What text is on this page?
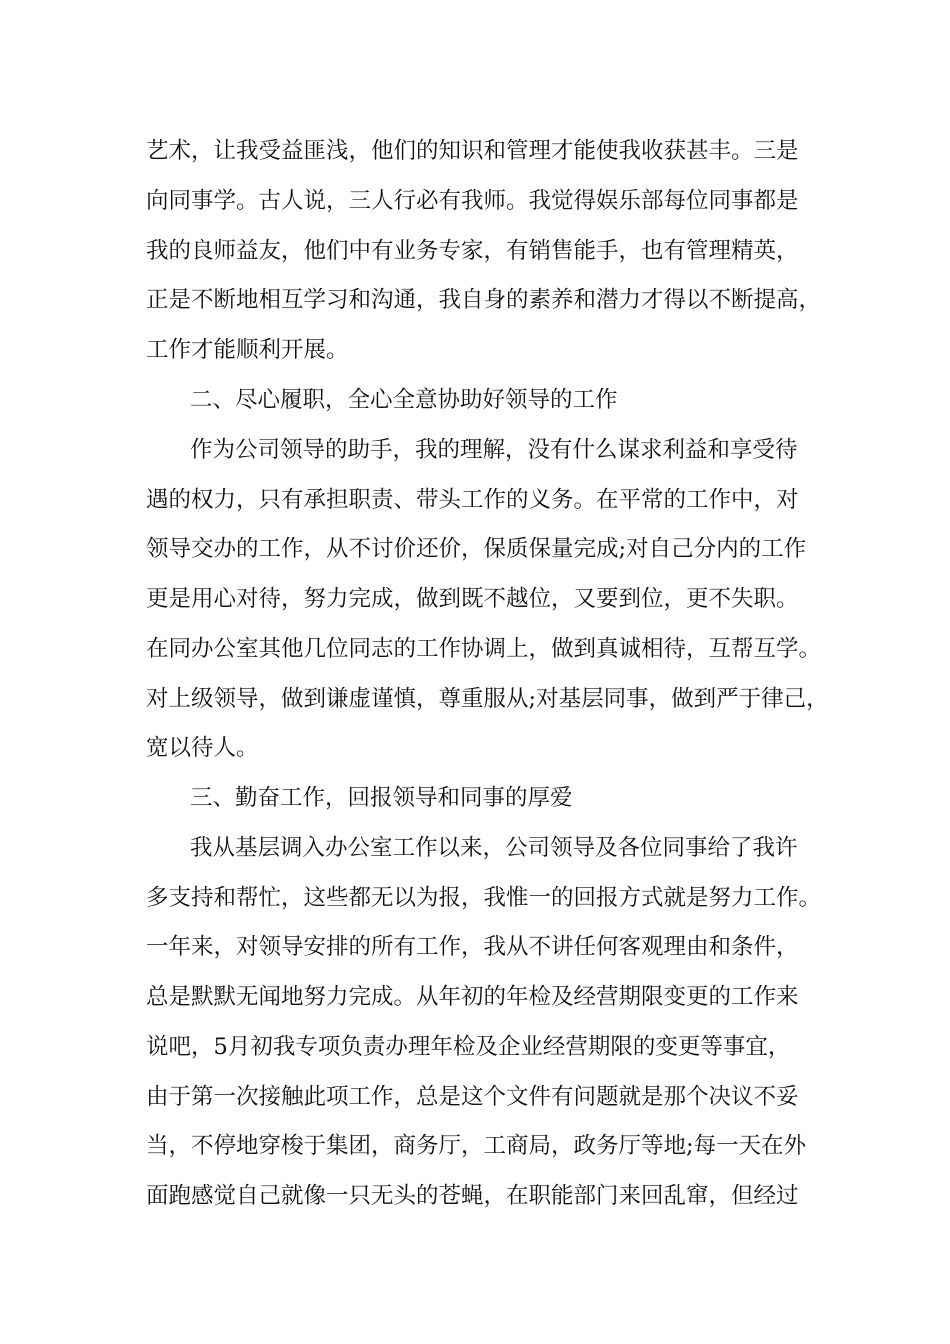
艺术，让我受益匪浅，他们的知识和管理才能使我收获甚丰。三是
向同事学。古人说，三人行必有我师。我觉得娱乐部每位同事都是
我的良师益友，他们中有业务专家，有销售能手，也有管理精英，
正是不断地相互学习和沟通，我自身的素养和潜力才得以不断提高，
工作才能顺利开展。
二、尽心履职，全心全意协助好领导的工作
作为公司领导的助手，我的理解，没有什么谋求利益和享受待
遇的权力，只有承担职责、带头工作的义务。在平常的工作中，对
领导交办的工作，从不讨价还价，保质保量完成;对自己分内的工作
更是用心对待，努力完成，做到既不越位，又要到位，更不失职。
在同办公室其他几位同志的工作协调上，做到真诚相待，互帮互学。
对上级领导，做到谦虚谨慎，尊重服从;对基层同事，做到严于律己，
宽以待人。
三、勤奋工作，回报领导和同事的厚爱
我从基层调入办公室工作以来，公司领导及各位同事给了我许
多支持和帮忙，这些都无以为报，我惟一的回报方式就是努力工作。
一年来，对领导安排的所有工作，我从不讲任何客观理由和条件，
总是默默无闻地努力完成。从年初的年检及经营期限变更的工作来
说吧，5月初我专项负责办理年检及企业经营期限的变更等事宜，
由于第一次接触此项工作，总是这个文件有问题就是那个决议不妥
当，不停地穿梭于集团，商务厅，工商局，政务厅等地;每一天在外
面跑感觉自己就像一只无头的苍蝇，在职能部门来回乱窜，但经过
